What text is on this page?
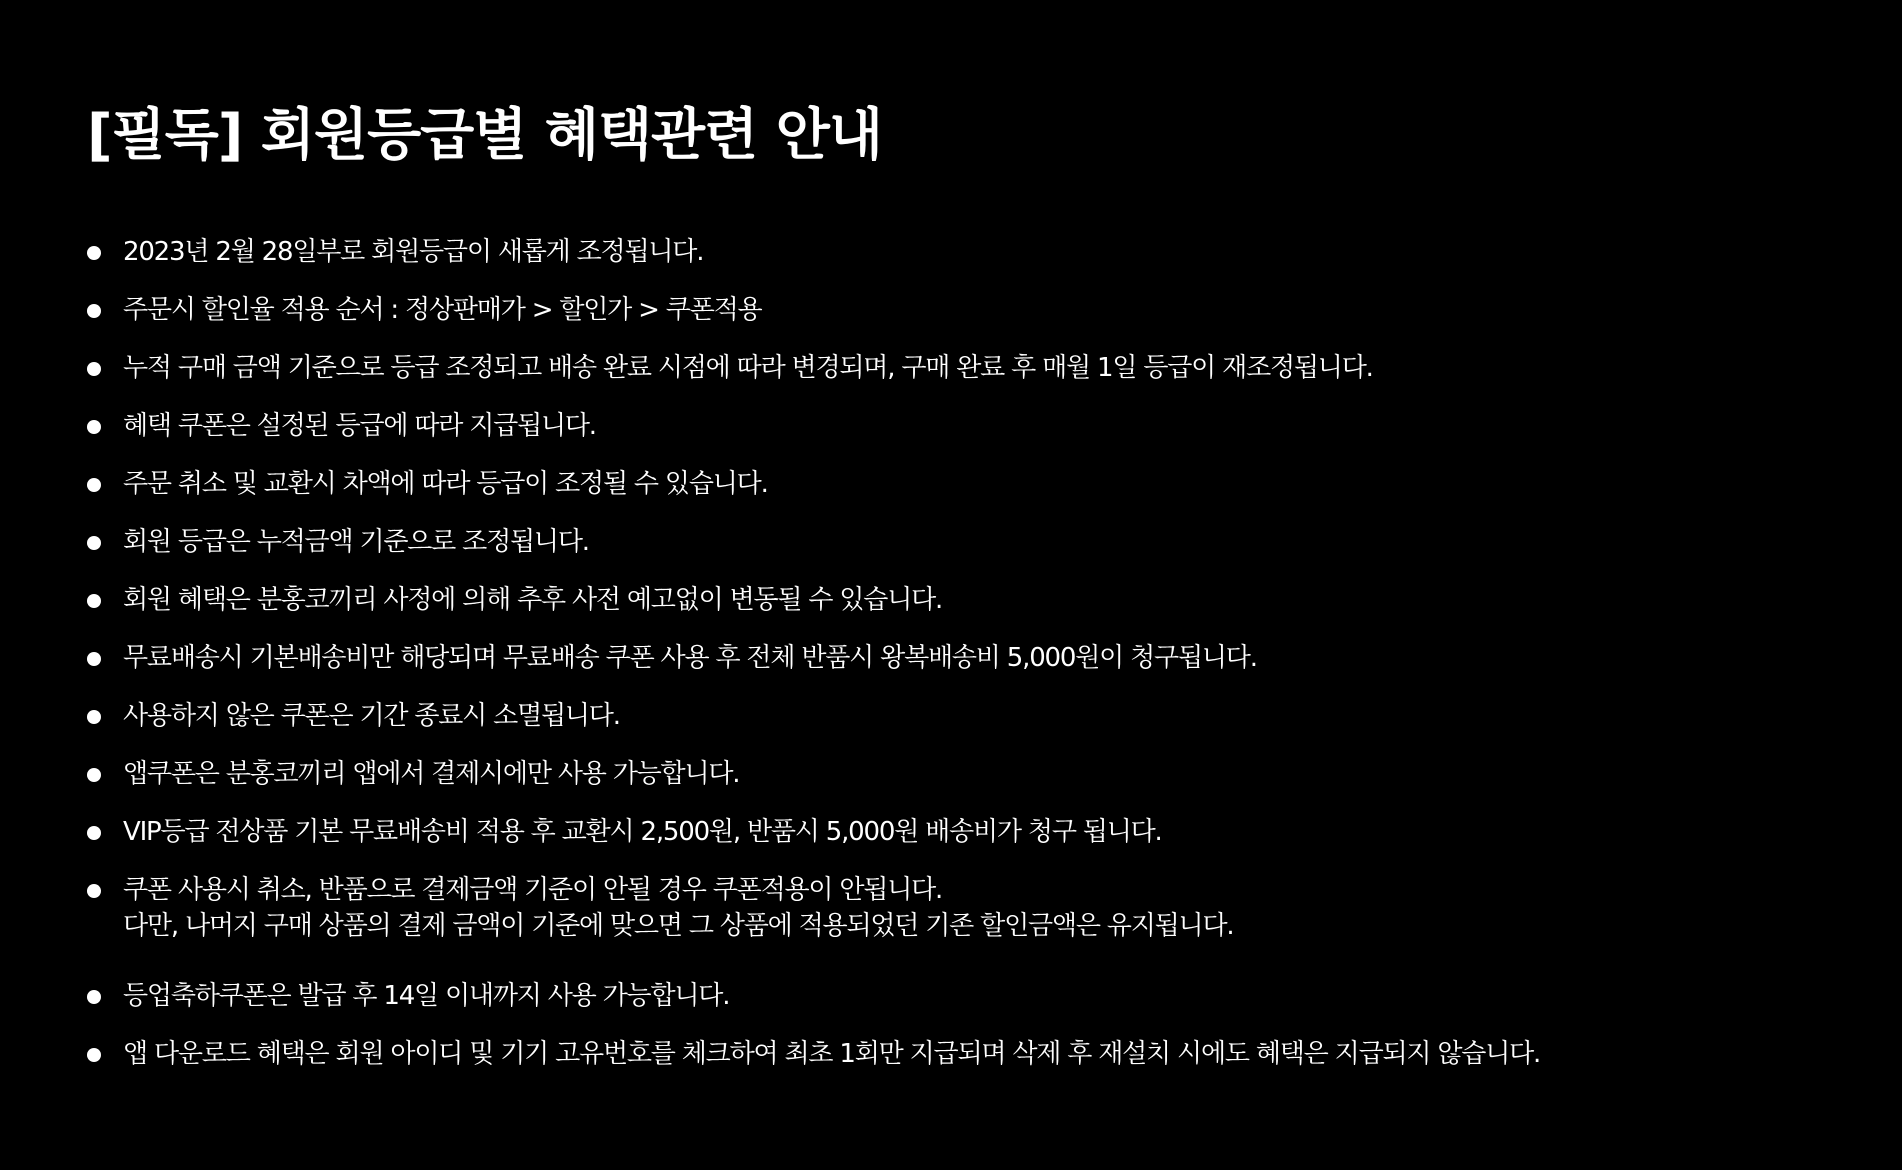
[필독] 회원등급별 혜택관련 안내
2023년 2월 28일부로 회원등급이 새롭게 조정됩니다.
주문시 할인율 적용 순서 : 정상판매가 > 할인가 > 쿠폰적용
누적 구매 금액 기준으로 등급 조정되고 배송 완료 시점에 따라 변경되며, 구매 완료 후 매월 1일 등급이 재조정됩니다.
혜택 쿠폰은 설정된 등급에 따라 지급됩니다.
주문 취소 및 교환시 차액에 따라 등급이 조정될 수 있습니다.
회원 등급은 누적금액 기준으로 조정됩니다.
회원 혜택은 분홍코끼리 사정에 의해 추후 사전 예고없이 변동될 수 있습니다.
무료배송시 기본배송비만 해당되며 무료배송 쿠폰 사용 후 전체 반품시 왕복배송비 5,000원이 청구됩니다.
사용하지 않은 쿠폰은 기간 종료시 소멸됩니다.
앱쿠폰은 분홍코끼리 앱에서 결제시에만 사용 가능합니다.
VIP등급 전상품 기본 무료배송비 적용 후 교환시 2,500원, 반품시 5,000원 배송비가 청구 됩니다.
쿠폰 사용시 취소, 반품으로 결제금액 기준이 안될 경우 쿠폰적용이 안됩니다.
다만, 나머지 구매 상품의 결제 금액이 기준에 맞으면 그 상품에 적용되었던 기존 할인금액은 유지됩니다.
등업축하쿠폰은 발급 후 14일 이내까지 사용 가능합니다.
앱 다운로드 혜택은 회원 아이디 및 기기 고유번호를 체크하여 최초 1회만 지급되며 삭제 후 재설치 시에도 혜택은 지급되지 않습니다.
